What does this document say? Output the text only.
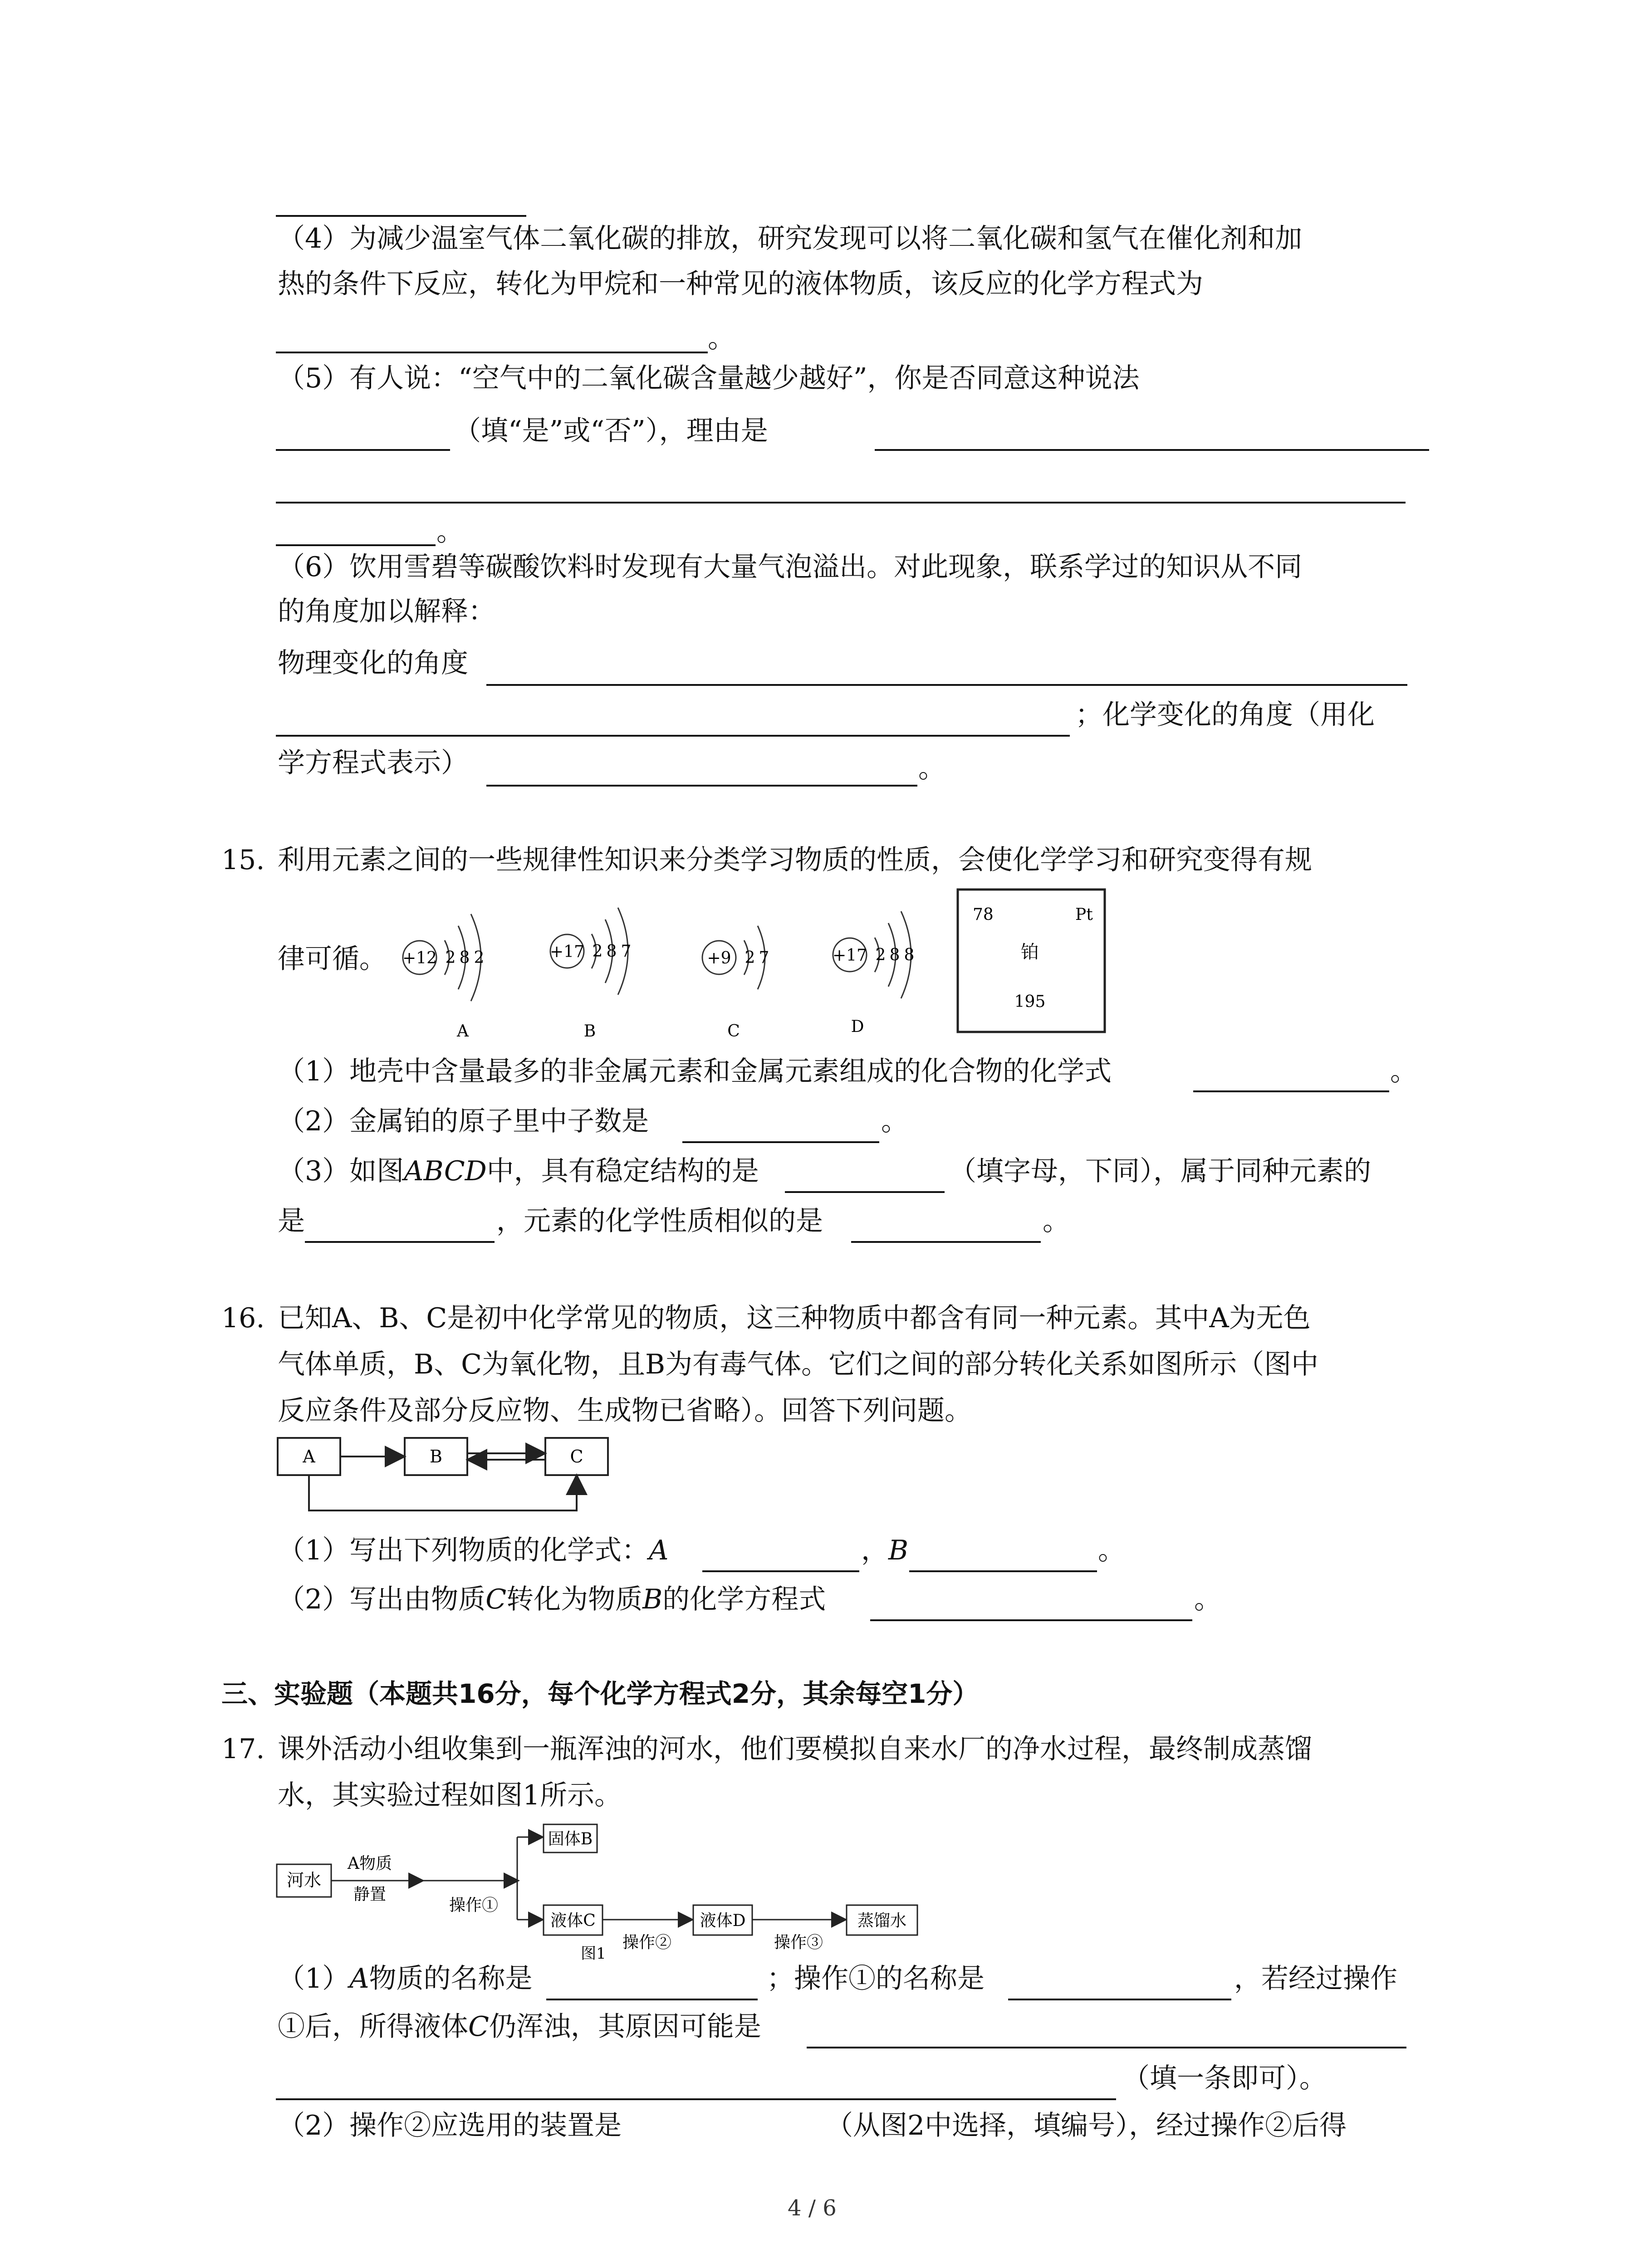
（4）为减少温室气体二氧化碳的排放，研究发现可以将二氧化碳和氢气在催化剂和加
热的条件下反应，转化为甲烷和一种常见的液体物质，该反应的化学方程式为
。
（5）有人说：“空气中的二氧化碳含量越少越好”，你是否同意这种说法
（填“是”或“否”），理由是
。
（6）饮用雪碧等碳酸饮料时发现有大量气泡溢出。对此现象，联系学过的知识从不同
的角度加以解释：
物理变化的角度
；化学变化的角度（用化
学方程式表示）	。
15. 利用元素之间的一些规律性知识来分类学习物质的性质，会使化学学习和研究变得有规
律可循。 +12 2 8 2
A
+17 2 8 7
B
+9 2 7
C
+17 2 8 8
D
78	Pt
铂
195
（1）地壳中含量最多的非金属元素和金属元素组成的化合物的化学式	。
（2）金属铂的原子里中子数是	。
（3）如图ABCD中，具有稳定结构的是	（填字母，下同），属于同种元素的
是	，元素的化学性质相似的是	。
16. 已知A、B、C是初中化学常见的物质，这三种物质中都含有同一种元素。其中A为无色
气体单质，B、C为氧化物，且B为有毒气体。它们之间的部分转化关系如图所示（图中
反应条件及部分反应物、生成物已省略）。回答下列问题。
A	B	C
（1）写出下列物质的化学式：A	，B	。
（2）写出由物质C转化为物质B的化学方程式	。
三、实验题（本题共16分，每个化学方程式2分，其余每空1分）
17. 课外活动小组收集到一瓶浑浊的河水，他们要模拟自来水厂的净水过程，最终制成蒸馏
水，其实验过程如图1所示。
河水
A物质
静置
操作①
固体B
液体C
操作②
液体D
操作③
蒸馏水
图1
（1）A物质的名称是	；操作①的名称是	，若经过操作
①后，所得液体C仍浑浊，其原因可能是
（填一条即可）。
（2）操作②应选用的装置是	（从图2中选择，填编号），经过操作②后得
4 / 6
